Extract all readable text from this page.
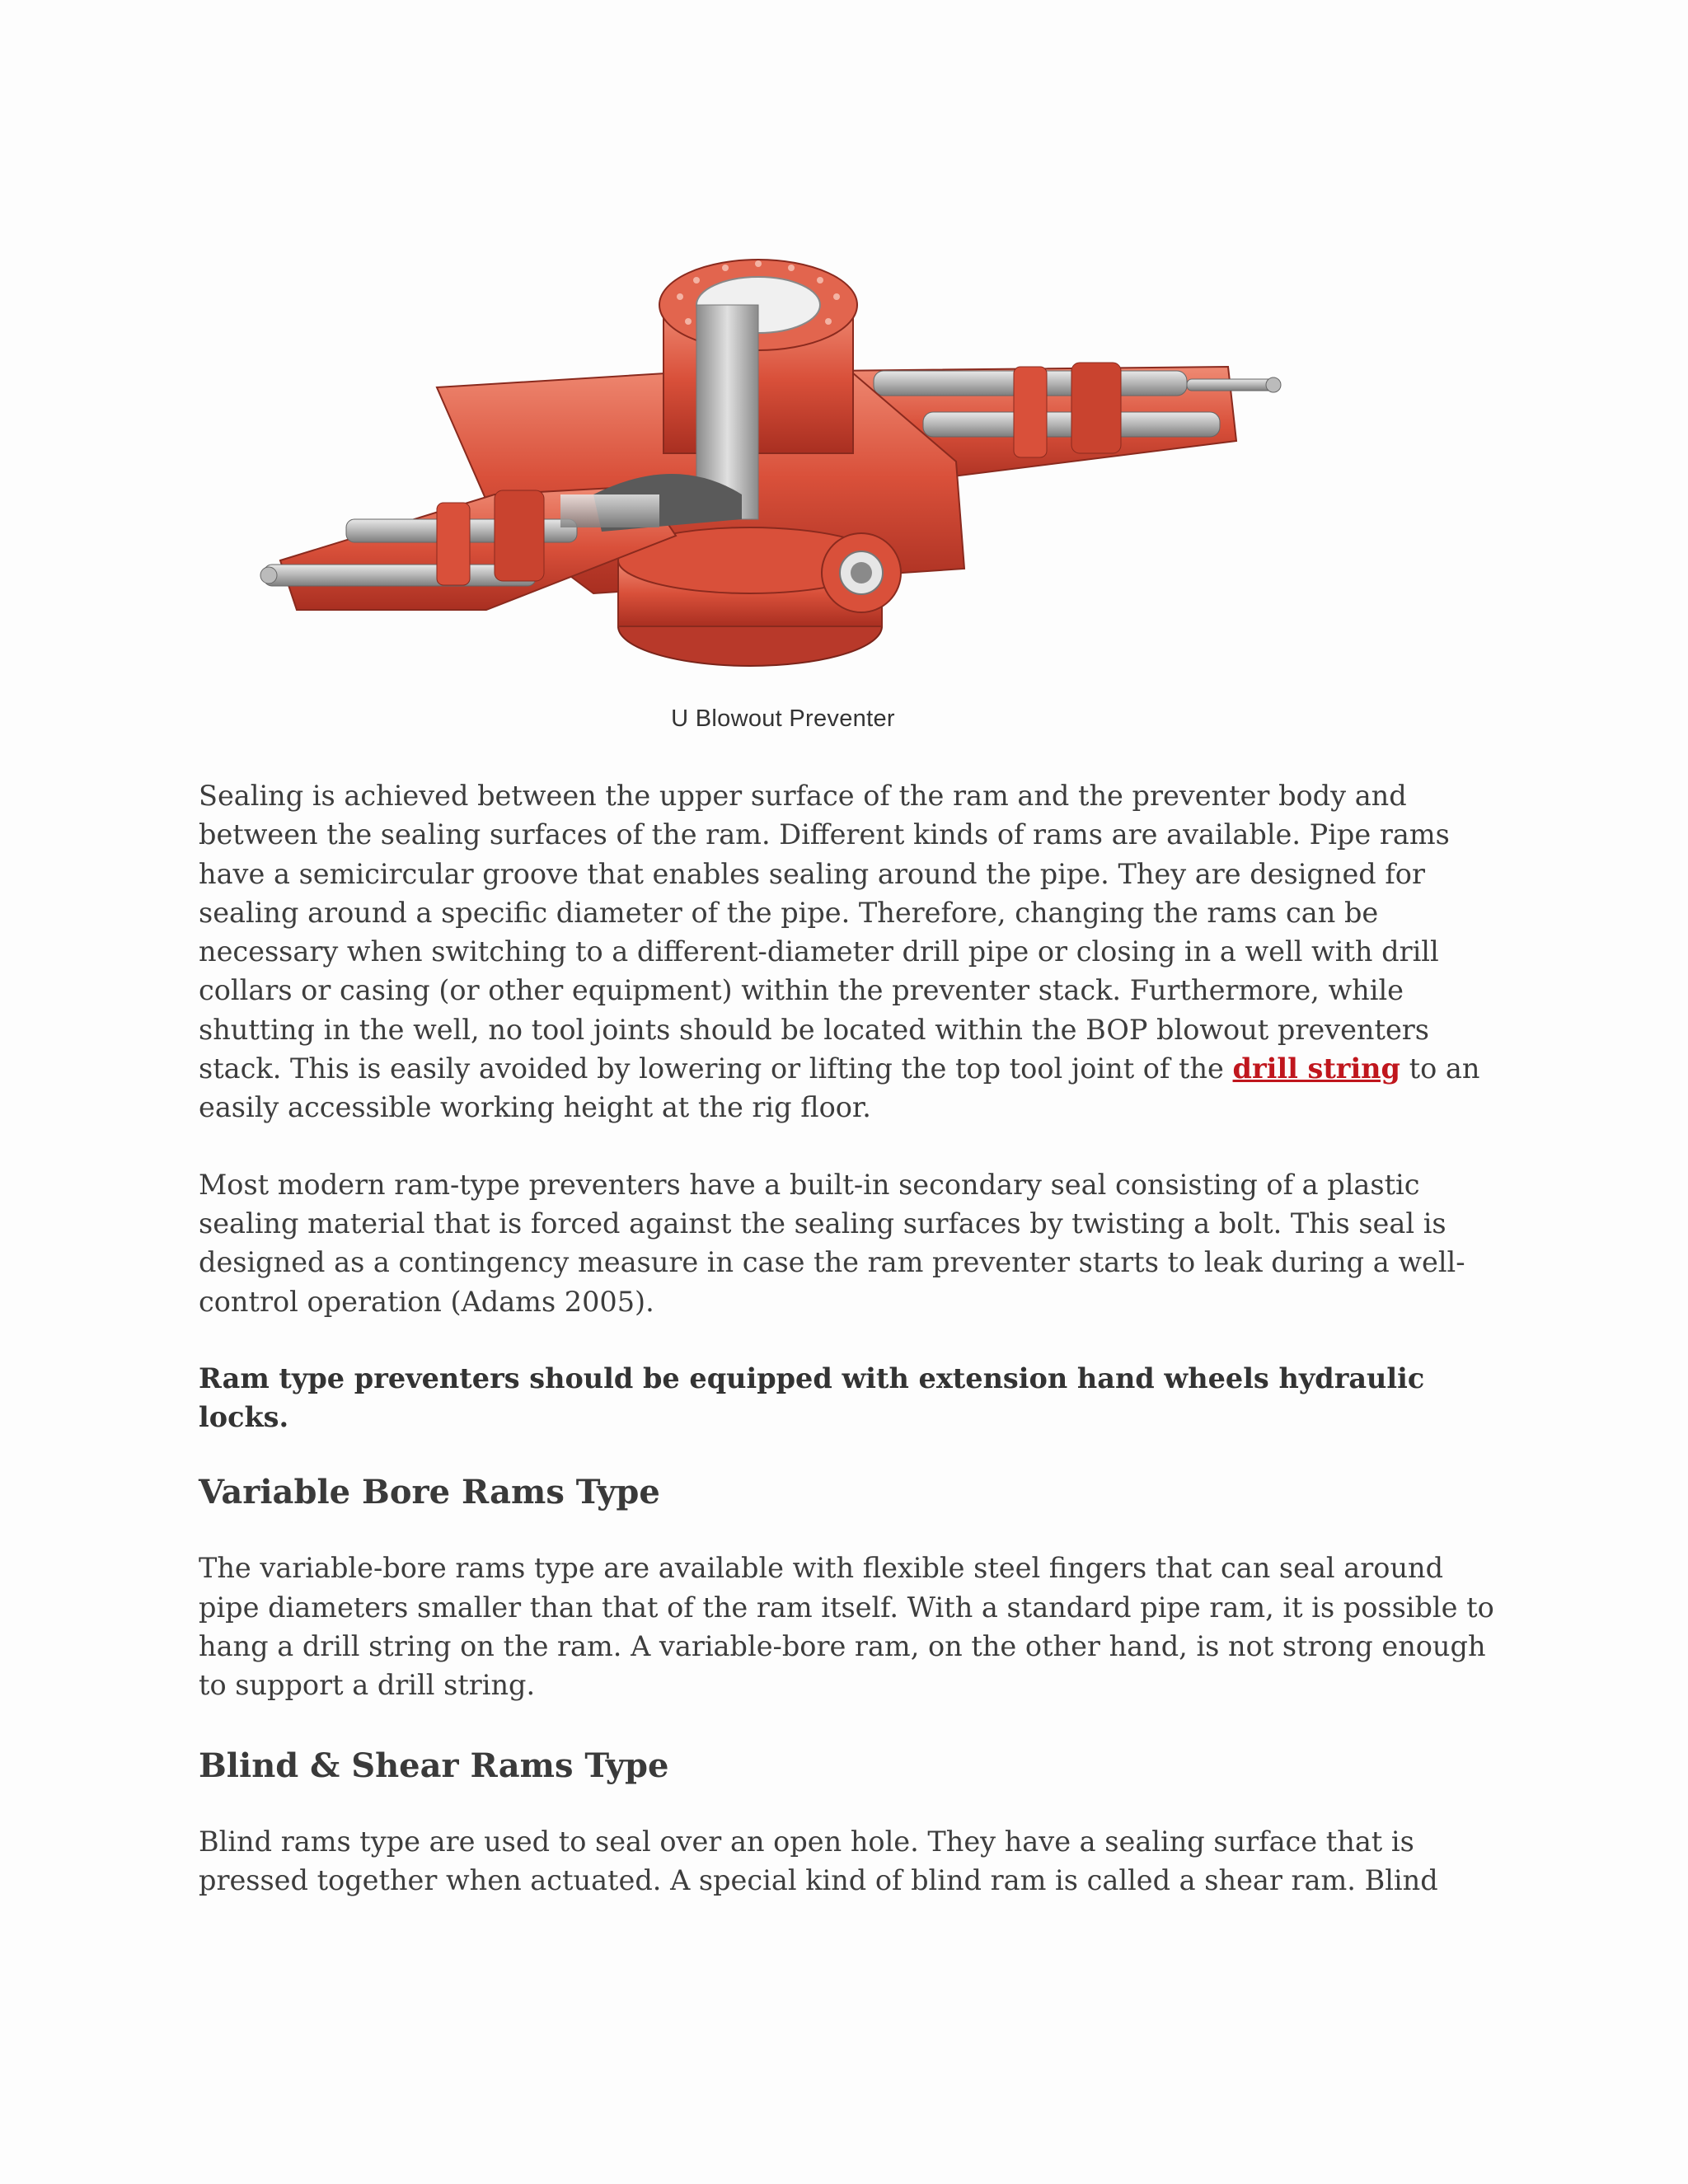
U Blowout Preventer

Sealing is achieved between the upper surface of the ram and the preventer body and between the sealing surfaces of the ram. Different kinds of rams are available. Pipe rams have a semicircular groove that enables sealing around the pipe. They are designed for sealing around a specific diameter of the pipe. Therefore, changing the rams can be necessary when switching to a different-diameter drill pipe or closing in a well with drill collars or casing (or other equipment) within the preventer stack. Furthermore, while shutting in the well, no tool joints should be located within the BOP blowout preventers stack. This is easily avoided by lowering or lifting the top tool joint of the drill string to an easily accessible working height at the rig floor.

Most modern ram-type preventers have a built-in secondary seal consisting of a plastic sealing material that is forced against the sealing surfaces by twisting a bolt. This seal is designed as a contingency measure in case the ram preventer starts to leak during a well-control operation (Adams 2005).

Ram type preventers should be equipped with extension hand wheels hydraulic locks.

Variable Bore Rams Type

The variable-bore rams type are available with flexible steel fingers that can seal around pipe diameters smaller than that of the ram itself. With a standard pipe ram, it is possible to hang a drill string on the ram. A variable-bore ram, on the other hand, is not strong enough to support a drill string.

Blind & Shear Rams Type

Blind rams type are used to seal over an open hole. They have a sealing surface that is pressed together when actuated. A special kind of blind ram is called a shear ram. Blind
